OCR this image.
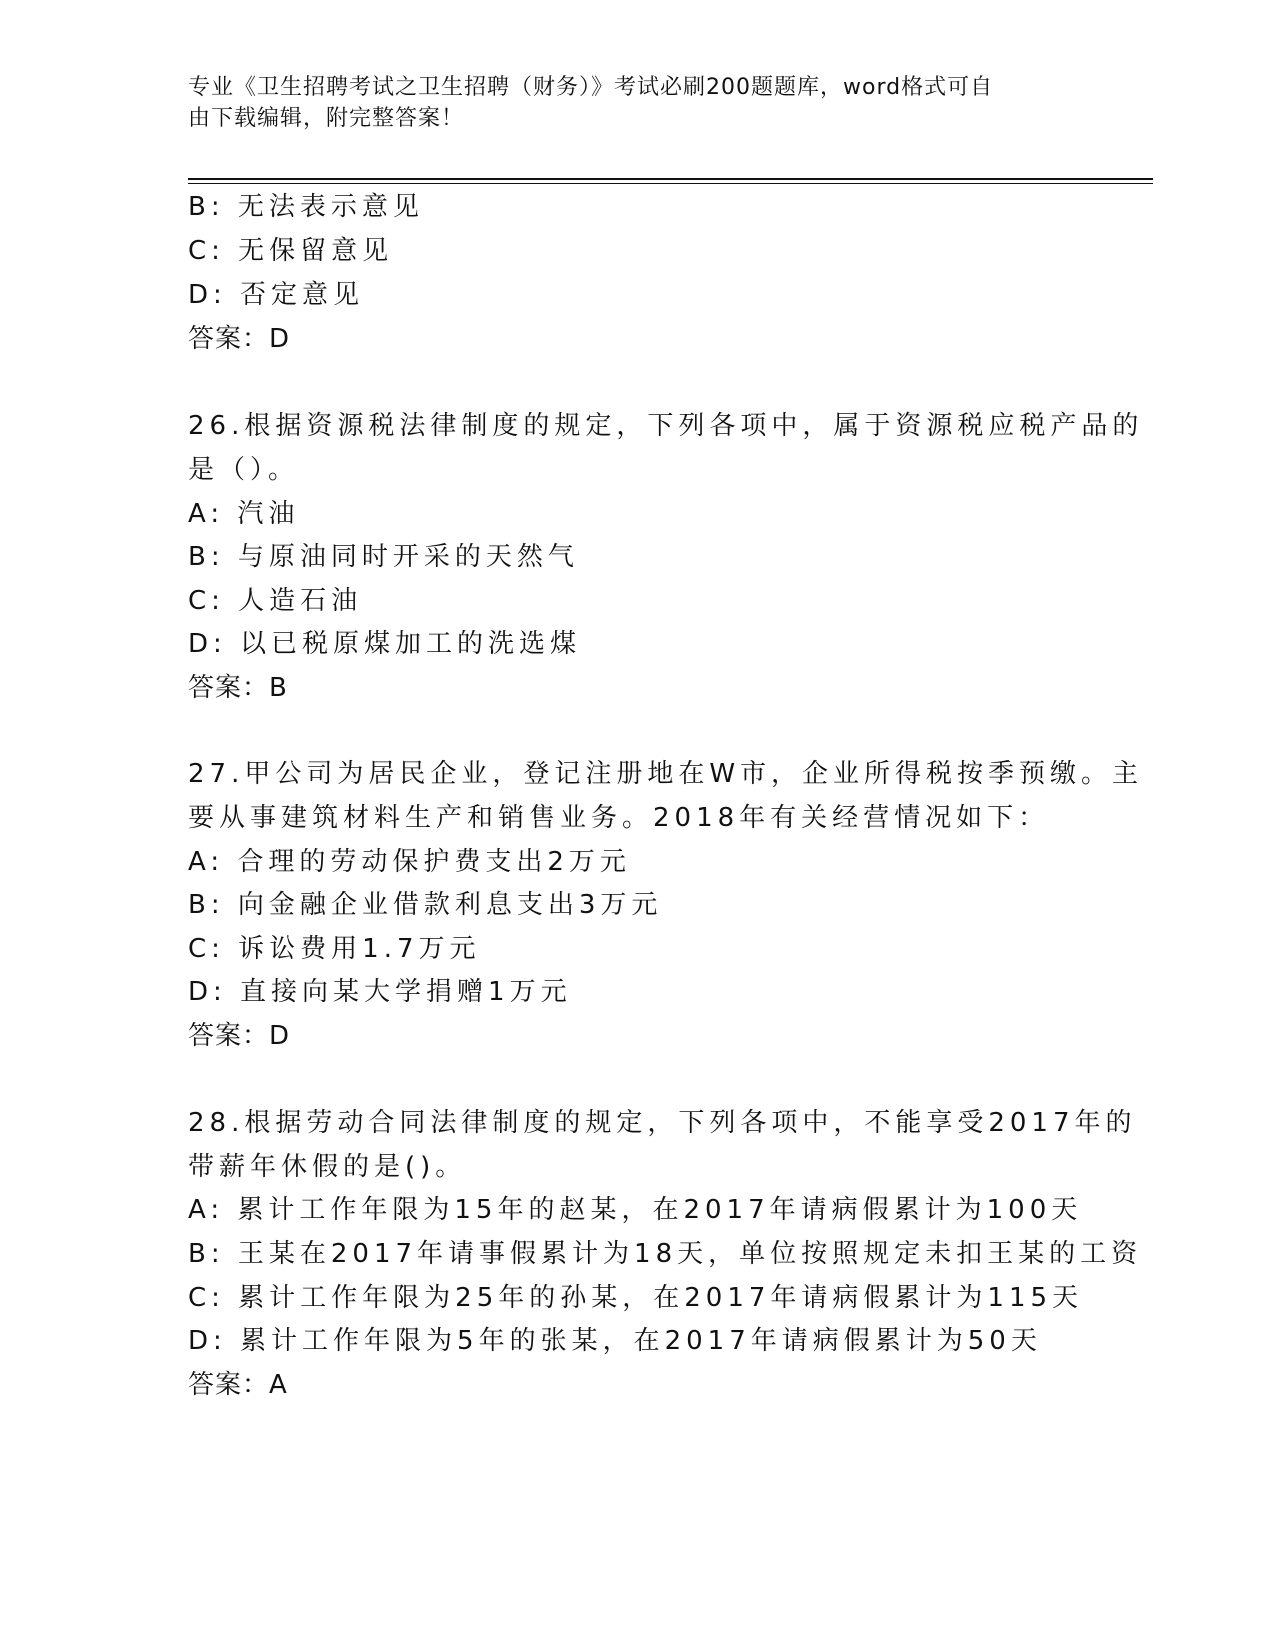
专业《卫生招聘考试之卫生招聘（财务）》考试必刷200题题库，word格式可自
由下载编辑，附完整答案！
B: 无法表示意见
C: 无保留意见
D: 否定意见
答案：D
26.根据资源税法律制度的规定，下列各项中，属于资源税应税产品的
是（）。
A: 汽油
B: 与原油同时开采的天然气
C: 人造石油
D: 以已税原煤加工的洗选煤
答案：B
27.甲公司为居民企业，登记注册地在W市，企业所得税按季预缴。主
要从事建筑材料生产和销售业务。2018年有关经营情况如下：
A: 合理的劳动保护费支出2万元
B: 向金融企业借款利息支出3万元
C: 诉讼费用1.7万元
D: 直接向某大学捐赠1万元
答案：D
28.根据劳动合同法律制度的规定，下列各项中，不能享受2017年的
带薪年休假的是()。
A: 累计工作年限为15年的赵某，在2017年请病假累计为100天
B: 王某在2017年请事假累计为18天，单位按照规定未扣王某的工资
C: 累计工作年限为25年的孙某，在2017年请病假累计为115天
D: 累计工作年限为5年的张某，在2017年请病假累计为50天
答案：A
